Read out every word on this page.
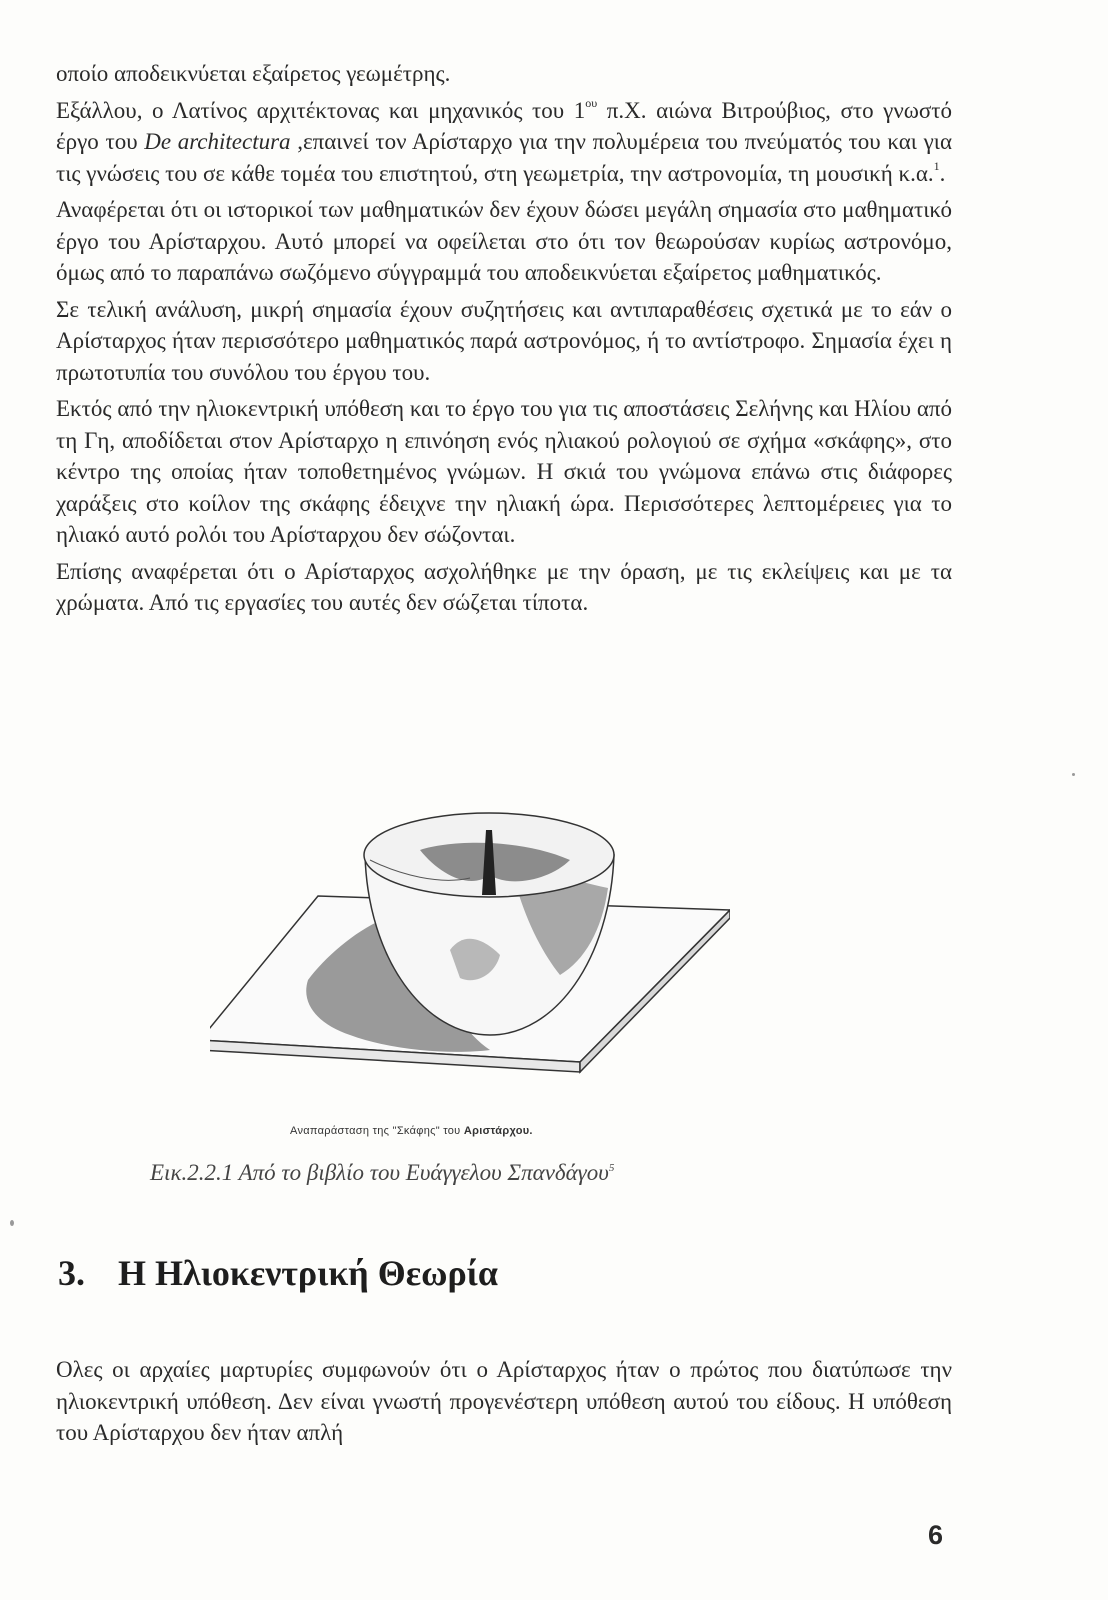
οποίο αποδεικνύεται εξαίρετος γεωμέτρης.

Εξάλλου, ο Λατίνος αρχιτέκτονας και μηχανικός του $1^{o\upsilon}$ π.Χ. αιώνα Βιτρούβιος, στο γνωστό έργο του De architectura ,επαινεί τον Αρίσταρχο για την πολυμέρεια του πνεύματός του και για τις γνώσεις του σε κάθε τομέα του επιστητού, στη γεωμετρία, την αστρονομία, τη μουσική κ.α.$^1$.

Αναφέρεται ότι οι ιστορικοί των μαθηματικών δεν έχουν δώσει μεγάλη σημασία στο μαθηματικό έργο του Αρίσταρχου. Αυτό μπορεί να οφείλεται στο ότι τον θεωρούσαν κυρίως αστρονόμο, όμως από το παραπάνω σωζόμενο σύγγραμμά του αποδεικνύεται εξαίρετος μαθηματικός.

Σε τελική ανάλυση, μικρή σημασία έχουν συζητήσεις και αντιπαραθέσεις σχετικά με το εάν ο Αρίσταρχος ήταν περισσότερο μαθηματικός παρά αστρονόμος, ή το αντίστροφο. Σημασία έχει η πρωτοτυπία του συνόλου του έργου του.

Εκτός από την ηλιοκεντρική υπόθεση και το έργο του για τις αποστάσεις Σελήνης και Ηλίου από τη Γη, αποδίδεται στον Αρίσταρχο η επινόηση ενός ηλιακού ρολογιού σε σχήμα «σκάφης», στο κέντρο της οποίας ήταν τοποθετημένος γνώμων. Η σκιά του γνώμονα επάνω στις διάφορες χαράξεις στο κοίλον της σκάφης έδειχνε την ηλιακή ώρα. Περισσότερες λεπτομέρειες για το ηλιακό αυτό ρολόι του Αρίσταρχου δεν σώζονται.

Επίσης αναφέρεται ότι ο Αρίσταρχος ασχολήθηκε με την όραση, με τις εκλείψεις και με τα χρώματα. Από τις εργασίες του αυτές δεν σώζεται τίποτα.

Αναπαράσταση της "Σκάφης" του Αριστάρχου.
Εικ.2.2.1 Από το βιβλίο του Ευάγγελου Σπανδάγου$^5$
3. Η Ηλιοκεντρική Θεωρία

Ολες οι αρχαίες μαρτυρίες συμφωνούν ότι ο Αρίσταρχος ήταν ο πρώτος που διατύπωσε την ηλιοκεντρική υπόθεση. Δεν είναι γνωστή προγενέστερη υπόθεση αυτού του είδους. Η υπόθεση του Αρίσταρχου δεν ήταν απλή

6
